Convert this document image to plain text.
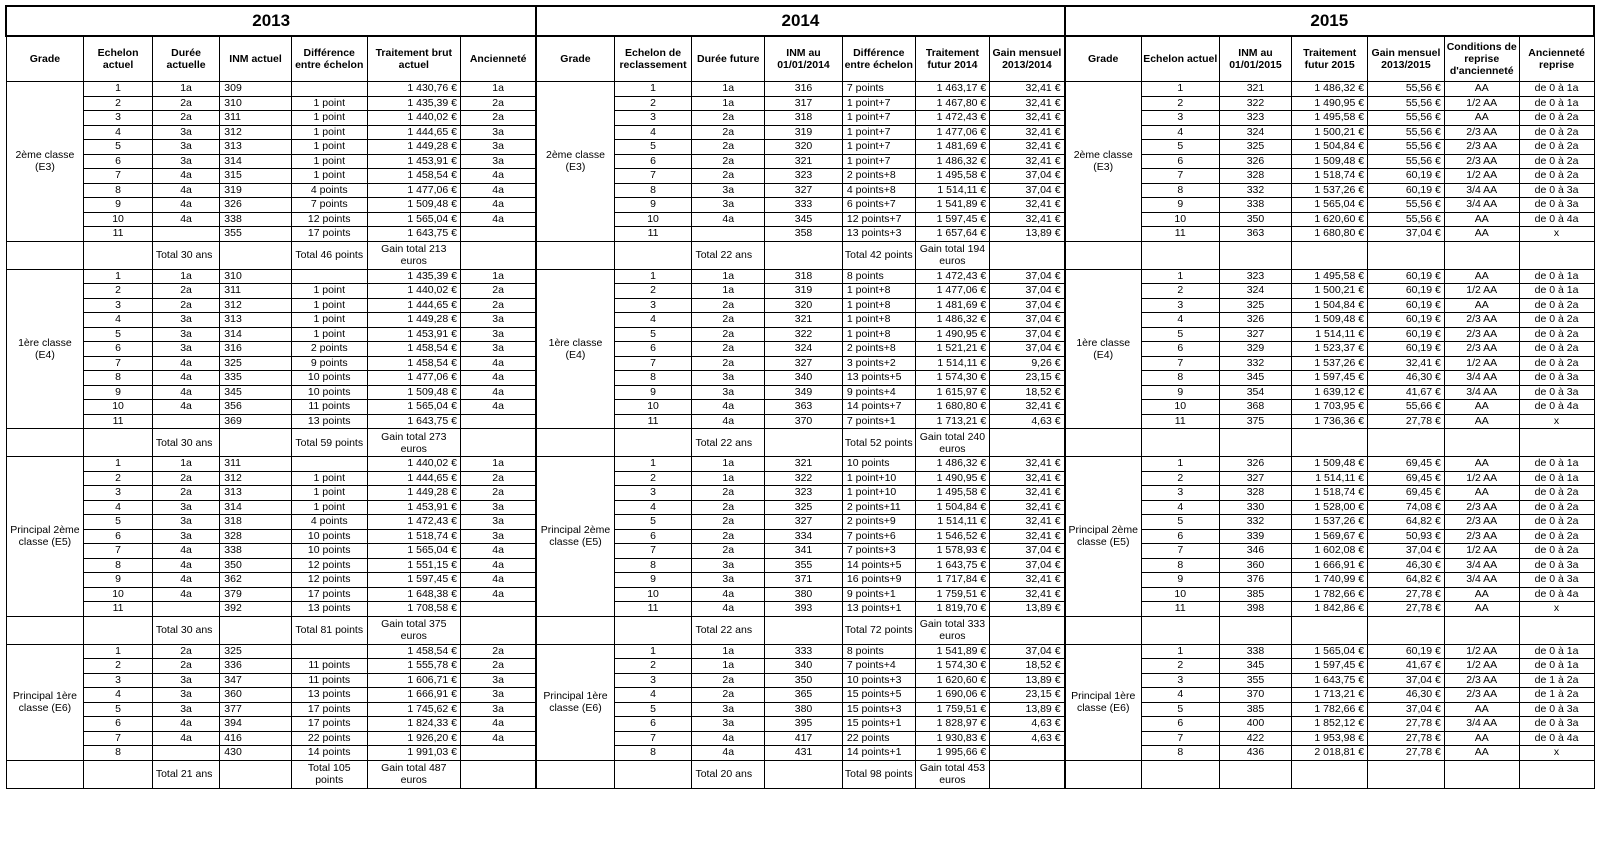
2013							2014							2015						
Grade	Echelon actuel	Durée actuelle	INM actuel	Différence entre échelon	Traitement brut actuel	Ancienneté	Grade	Echelon de reclassement	Durée future	INM au 01/01/2014	Différence entre échelon	Traitement futur 2014	Gain mensuel 2013/2014	Grade	Echelon actuel	INM au 01/01/2015	Traitement futur 2015	Gain mensuel 2013/2015	Conditions de reprise d'ancienneté	Ancienneté reprise
2ème classe (E3)	1	1a	309		1 430,76 €	1a	2ème classe (E3)	1	1a	316	7 points	1 463,17 €	32,41 €	2ème classe (E3)	1	321	1 486,32 €	55,56 €	AA	de 0 à 1a
	2	2a	310	1 point	1 435,39 €	2a		2	1a	317	1 point+7	1 467,80 €	32,41 €		2	322	1 490,95 €	55,56 €	1/2 AA	de 0 à 1a
	3	2a	311	1 point	1 440,02 €	2a		3	2a	318	1 point+7	1 472,43 €	32,41 €		3	323	1 495,58 €	55,56 €	AA	de 0 à 2a
	4	3a	312	1 point	1 444,65 €	3a		4	2a	319	1 point+7	1 477,06 €	32,41 €		4	324	1 500,21 €	55,56 €	2/3 AA	de 0 à 2a
	5	3a	313	1 point	1 449,28 €	3a		5	2a	320	1 point+7	1 481,69 €	32,41 €		5	325	1 504,84 €	55,56 €	2/3 AA	de 0 à 2a
	6	3a	314	1 point	1 453,91 €	3a		6	2a	321	1 point+7	1 486,32 €	32,41 €		6	326	1 509,48 €	55,56 €	2/3 AA	de 0 à 2a
	7	4a	315	1 point	1 458,54 €	4a		7	2a	323	2 points+8	1 495,58 €	37,04 €		7	328	1 518,74 €	60,19 €	1/2 AA	de 0 à 2a
	8	4a	319	4 points	1 477,06 €	4a		8	3a	327	4 points+8	1 514,11 €	37,04 €		8	332	1 537,26 €	60,19 €	3/4 AA	de 0 à 3a
	9	4a	326	7 points	1 509,48 €	4a		9	3a	333	6 points+7	1 541,89 €	32,41 €		9	338	1 565,04 €	55,56 €	3/4 AA	de 0 à 3a
	10	4a	338	12 points	1 565,04 €	4a		10	4a	345	12 points+7	1 597,45 €	32,41 €		10	350	1 620,60 €	55,56 €	AA	de 0 à 4a
	11		355	17 points	1 643,75 €			11		358	13 points+3	1 657,64 €	13,89 €		11	363	1 680,80 €	37,04 €	AA	x
		Total 30 ans		Total 46 points	Gain total 213 euros				Total 22 ans		Total 42 points	Gain total 194 euros								
1ère classe (E4)	1	1a	310		1 435,39 €	1a	1ère classe (E4)	1	1a	318	8 points	1 472,43 €	37,04 €	1ère classe (E4)	1	323	1 495,58 €	60,19 €	AA	de 0 à 1a
	2	2a	311	1 point	1 440,02 €	2a		2	1a	319	1 point+8	1 477,06 €	37,04 €		2	324	1 500,21 €	60,19 €	1/2 AA	de 0 à 1a
	3	2a	312	1 point	1 444,65 €	2a		3	2a	320	1 point+8	1 481,69 €	37,04 €		3	325	1 504,84 €	60,19 €	AA	de 0 à 2a
	4	3a	313	1 point	1 449,28 €	3a		4	2a	321	1 point+8	1 486,32 €	37,04 €		4	326	1 509,48 €	60,19 €	2/3 AA	de 0 à 2a
	5	3a	314	1 point	1 453,91 €	3a		5	2a	322	1 point+8	1 490,95 €	37,04 €		5	327	1 514,11 €	60,19 €	2/3 AA	de 0 à 2a
	6	3a	316	2 points	1 458,54 €	3a		6	2a	324	2 points+8	1 521,21 €	37,04 €		6	329	1 523,37 €	60,19 €	2/3 AA	de 0 à 2a
	7	4a	325	9 points	1 458,54 €	4a		7	2a	327	3 points+2	1 514,11 €	9,26 €		7	332	1 537,26 €	32,41 €	1/2 AA	de 0 à 2a
	8	4a	335	10 points	1 477,06 €	4a		8	3a	340	13 points+5	1 574,30 €	23,15 €		8	345	1 597,45 €	46,30 €	3/4 AA	de 0 à 3a
	9	4a	345	10 points	1 509,48 €	4a		9	3a	349	9 points+4	1 615,97 €	18,52 €		9	354	1 639,12 €	41,67 €	3/4 AA	de 0 à 3a
	10	4a	356	11 points	1 565,04 €	4a		10	4a	363	14 points+7	1 680,80 €	32,41 €		10	368	1 703,95 €	55,66 €	AA	de 0 à 4a
	11		369	13 points	1 643,75 €			11	4a	370	7 points+1	1 713,21 €	4,63 €		11	375	1 736,36 €	27,78 €	AA	x
		Total 30 ans		Total 59 points	Gain total 273 euros				Total 22 ans		Total 52 points	Gain total 240 euros								
Principal 2ème classe (E5)	1	1a	311		1 440,02 €	1a	Principal 2ème classe (E5)	1	1a	321	10 points	1 486,32 €	32,41 €	Principal 2ème classe (E5)	1	326	1 509,48 €	69,45 €	AA	de 0 à 1a
	2	2a	312	1 point	1 444,65 €	2a		2	1a	322	1 point+10	1 490,95 €	32,41 €		2	327	1 514,11 €	69,45 €	1/2 AA	de 0 à 1a
	3	2a	313	1 point	1 449,28 €	2a		3	2a	323	1 point+10	1 495,58 €	32,41 €		3	328	1 518,74 €	69,45 €	AA	de 0 à 2a
	4	3a	314	1 point	1 453,91 €	3a		4	2a	325	2 points+11	1 504,84 €	32,41 €		4	330	1 528,00 €	74,08 €	2/3 AA	de 0 à 2a
	5	3a	318	4 points	1 472,43 €	3a		5	2a	327	2 points+9	1 514,11 €	32,41 €		5	332	1 537,26 €	64,82 €	2/3 AA	de 0 à 2a
	6	3a	328	10 points	1 518,74 €	3a		6	2a	334	7 points+6	1 546,52 €	32,41 €		6	339	1 569,67 €	50,93 €	2/3 AA	de 0 à 2a
	7	4a	338	10 points	1 565,04 €	4a		7	2a	341	7 points+3	1 578,93 €	37,04 €		7	346	1 602,08 €	37,04 €	1/2 AA	de 0 à 2a
	8	4a	350	12 points	1 551,15 €	4a		8	3a	355	14 points+5	1 643,75 €	37,04 €		8	360	1 666,91 €	46,30 €	3/4 AA	de 0 à 3a
	9	4a	362	12 points	1 597,45 €	4a		9	3a	371	16 points+9	1 717,84 €	32,41 €		9	376	1 740,99 €	64,82 €	3/4 AA	de 0 à 3a
	10	4a	379	17 points	1 648,38 €	4a		10	4a	380	9 points+1	1 759,51 €	32,41 €		10	385	1 782,66 €	27,78 €	AA	de 0 à 4a
	11		392	13 points	1 708,58 €			11	4a	393	13 points+1	1 819,70 €	13,89 €		11	398	1 842,86 €	27,78 €	AA	x
		Total 30 ans		Total 81 points	Gain total 375 euros				Total 22 ans		Total 72 points	Gain total 333 euros								
Principal 1ère classe (E6)	1	2a	325		1 458,54 €	2a	Principal 1ère classe (E6)	1	1a	333	8 points	1 541,89 €	37,04 €	Principal 1ère classe (E6)	1	338	1 565,04 €	60,19 €	1/2 AA	de 0 à 1a
	2	2a	336	11 points	1 555,78 €	2a		2	1a	340	7 points+4	1 574,30 €	18,52 €		2	345	1 597,45 €	41,67 €	1/2 AA	de 0 à 1a
	3	3a	347	11 points	1 606,71 €	3a		3	2a	350	10 points+3	1 620,60 €	13,89 €		3	355	1 643,75 €	37,04 €	2/3 AA	de 1 à 2a
	4	3a	360	13 points	1 666,91 €	3a		4	2a	365	15 points+5	1 690,06 €	23,15 €		4	370	1 713,21 €	46,30 €	2/3 AA	de 1 à 2a
	5	3a	377	17 points	1 745,62 €	3a		5	3a	380	15 points+3	1 759,51 €	13,89 €		5	385	1 782,66 €	37,04 €	AA	de 0 à 3a
	6	4a	394	17 points	1 824,33 €	4a		6	3a	395	15 points+1	1 828,97 €	4,63 €		6	400	1 852,12 €	27,78 €	3/4 AA	de 0 à 3a
	7	4a	416	22 points	1 926,20 €	4a		7	4a	417	22 points	1 930,83 €	4,63 €		7	422	1 953,98 €	27,78 €	AA	de 0 à 4a
	8		430	14 points	1 991,03 €			8	4a	431	14 points+1	1 995,66 €			8	436	2 018,81 €	27,78 €	AA	x
		Total 21 ans		Total 105 points	Gain total 487 euros				Total 20 ans		Total 98 points	Gain total 453 euros								
